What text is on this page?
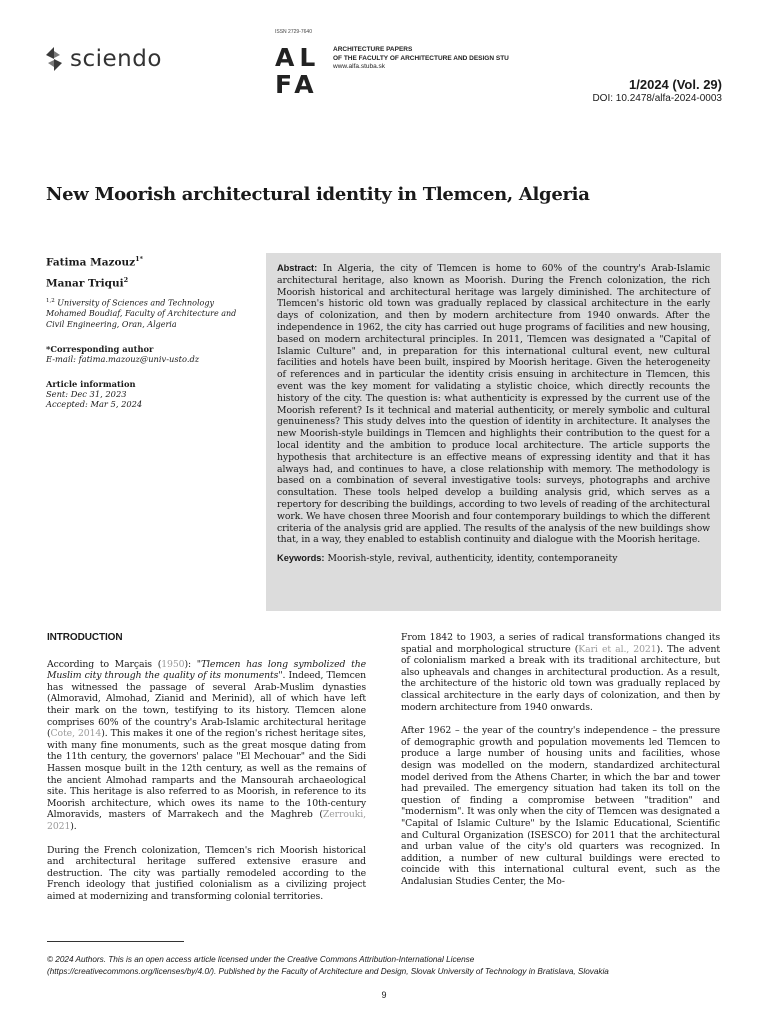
sciendo
ISSN 2729-7640
AL
FA
ARCHITECTURE PAPERS
OF THE FACULTY OF ARCHITECTURE AND DESIGN STU
www.alfa.stuba.sk
1/2024 (Vol. 29)
DOI: 10.2478/alfa-2024-0003
New Moorish architectural identity in Tlemcen, Algeria
Fatima Mazouz$^{1*}$
Manar Triqui$^2$
$^{1,2}$ University of Sciences and Technology Mohamed Boudiaf, Faculty of Architecture and Civil Engineering, Oran, Algeria
*Corresponding author
E-mail: fatima.mazouz@univ-usto.dz
Article information
Sent: Dec 31, 2023
Accepted: Mar 5, 2024

Abstract: In Algeria, the city of Tlemcen is home to 60% of the country's Arab-Islamic architectural heritage, also known as Moorish. During the French colonization, the rich Moorish historical and architectural heritage was largely diminished. The architecture of Tlemcen's historic old town was gradually replaced by classical architecture in the early days of colonization, and then by modern architecture from 1940 onwards. After the independence in 1962, the city has carried out huge programs of facilities and new housing, based on modern architectural principles. In 2011, Tlemcen was designated a "Capital of Islamic Culture" and, in preparation for this international cultural event, new cultural facilities and hotels have been built, inspired by Moorish heritage. Given the heterogeneity of references and in particular the identity crisis ensuing in architecture in Tlemcen, this event was the key moment for validating a stylistic choice, which directly recounts the history of the city. The question is: what authenticity is expressed by the current use of the Moorish referent? Is it technical and material authenticity, or merely symbolic and cultural genuineness? This study delves into the question of identity in architecture. It analyses the new Moorish-style buildings in Tlemcen and highlights their contribution to the quest for a local identity and the ambition to produce local architecture. The article supports the hypothesis that architecture is an effective means of expressing identity and that it has always had, and continues to have, a close relationship with memory. The methodology is based on a combination of several investigative tools: surveys, photographs and archive consultation. These tools helped develop a building analysis grid, which serves as a repertory for describing the buildings, according to two levels of reading of the architectural work. We have chosen three Moorish and four contemporary buildings to which the different criteria of the analysis grid are applied. The results of the analysis of the new buildings show that, in a way, they enabled to establish continuity and dialogue with the Moorish heritage.

Keywords: Moorish-style, revival, authenticity, identity, contemporaneity
INTRODUCTION

According to Marçais (1950): "Tlemcen has long symbolized the Muslim city through the quality of its monuments". Indeed, Tlemcen has witnessed the passage of several Arab-Muslim dynasties (Almoravid, Almohad, Zianid and Merinid), all of which have left their mark on the town, testifying to its history. Tlemcen alone comprises 60% of the country's Arab-Islamic architectural heritage (Cote, 2014). This makes it one of the region's richest heritage sites, with many fine monuments, such as the great mosque dating from the 11th century, the governors' palace "El Mechouar" and the Sidi Hassen mosque built in the 12th century, as well as the remains of the ancient Almohad ramparts and the Mansourah archaeological site. This heritage is also referred to as Moorish, in reference to its Moorish architecture, which owes its name to the 10th-century Almoravids, masters of Marrakech and the Maghreb (Zerrouki, 2021).

During the French colonization, Tlemcen's rich Moorish historical and architectural heritage suffered extensive erasure and destruction. The city was partially remodeled according to the French ideology that justified colonialism as a civilizing project aimed at modernizing and transforming colonial territories.

From 1842 to 1903, a series of radical transformations changed its spatial and morphological structure (Kari et al., 2021). The advent of colonialism marked a break with its traditional architecture, but also upheavals and changes in architectural production. As a result, the architecture of the historic old town was gradually replaced by classical architecture in the early days of colonization, and then by modern architecture from 1940 onwards.

After 1962 – the year of the country's independence – the pressure of demographic growth and population movements led Tlemcen to produce a large number of housing units and facilities, whose design was modelled on the modern, standardized architectural model derived from the Athens Charter, in which the bar and tower had prevailed. The emergency situation had taken its toll on the question of finding a compromise between "tradition" and "modernism". It was only when the city of Tlemcen was designated a "Capital of Islamic Culture" by the Islamic Educational, Scientific and Cultural Organization (ISESCO) for 2011 that the architectural and urban value of the city's old quarters was recognized. In addition, a number of new cultural buildings were erected to coincide with this international cultural event, such as the Andalusian Studies Center, the Mo-

© 2024 Authors. This is an open access article licensed under the Creative Commons Attribution-International License
(https://creativecommons.org/licenses/by/4.0/). Published by the Faculty of Architecture and Design, Slovak University of Technology in Bratislava, Slovakia
9
